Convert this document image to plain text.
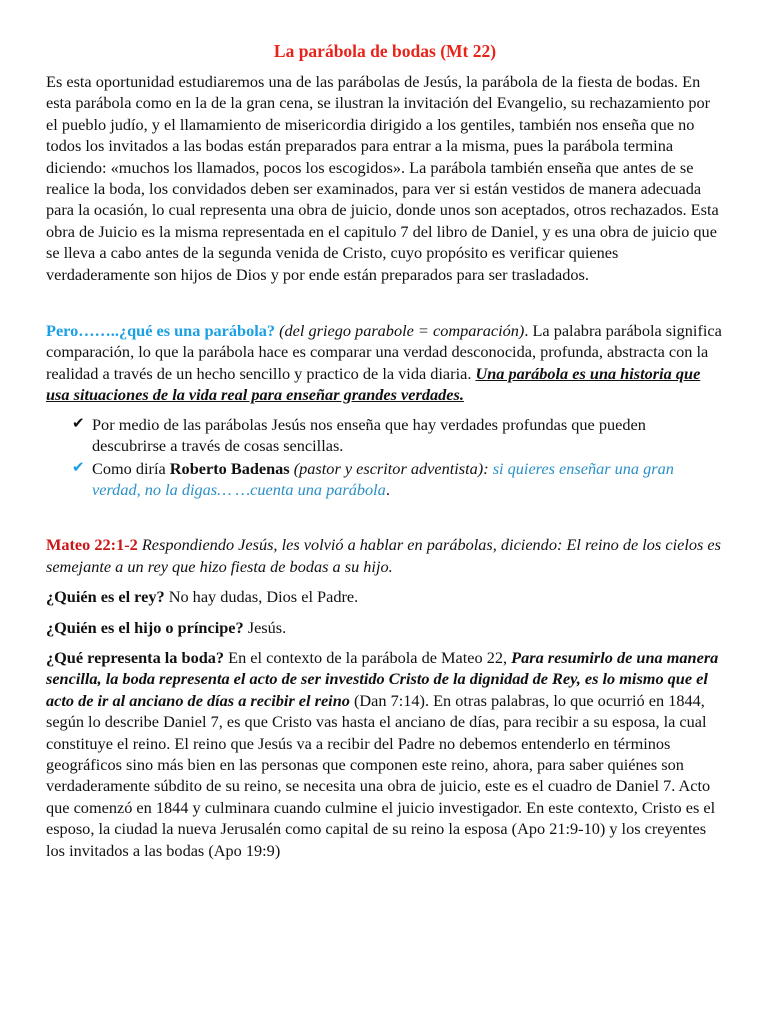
La parábola de bodas (Mt 22)

Es esta oportunidad estudiaremos una de las parábolas de Jesús, la parábola de la fiesta de bodas. En esta parábola como en la de la gran cena, se ilustran la invitación del Evangelio, su rechazamiento por el pueblo judío, y el llamamiento de misericordia dirigido a los gentiles, también nos enseña que no todos los invitados a las bodas están preparados para entrar a la misma, pues la parábola termina diciendo: «muchos los llamados, pocos los escogidos». La parábola también enseña que antes de se realice la boda, los convidados deben ser examinados, para ver si están vestidos de manera adecuada para la ocasión, lo cual representa una obra de juicio, donde unos son aceptados, otros rechazados. Esta obra de Juicio es la misma representada en el capitulo 7 del libro de Daniel, y es una obra de juicio que se lleva a cabo antes de la segunda venida de Cristo, cuyo propósito es verificar quienes verdaderamente son hijos de Dios y por ende están preparados para ser trasladados.

Pero……..¿qué es una parábola? (del griego parabole = comparación). La palabra parábola significa comparación, lo que la parábola hace es comparar una verdad desconocida, profunda, abstracta con la realidad a través de un hecho sencillo y practico de la vida diaria. Una parábola es una historia que usa situaciones de la vida real para enseñar grandes verdades.

✔ Por medio de las parábolas Jesús nos enseña que hay verdades profundas que pueden descubrirse a través de cosas sencillas.
✔ Como diría Roberto Badenas (pastor y escritor adventista): si quieres enseñar una gran verdad, no la digas… …cuenta una parábola.

Mateo 22:1-2 Respondiendo Jesús, les volvió a hablar en parábolas, diciendo: El reino de los cielos es semejante a un rey que hizo fiesta de bodas a su hijo.

¿Quién es el rey? No hay dudas, Dios el Padre.

¿Quién es el hijo o príncipe? Jesús.

¿Qué representa la boda? En el contexto de la parábola de Mateo 22, Para resumirlo de una manera sencilla, la boda representa el acto de ser investido Cristo de la dignidad de Rey, es lo mismo que el acto de ir al anciano de días a recibir el reino (Dan 7:14). En otras palabras, lo que ocurrió en 1844, según lo describe Daniel 7, es que Cristo vas hasta el anciano de días, para recibir a su esposa, la cual constituye el reino. El reino que Jesús va a recibir del Padre no debemos entenderlo en términos geográficos sino más bien en las personas que componen este reino, ahora, para saber quiénes son verdaderamente súbdito de su reino, se necesita una obra de juicio, este es el cuadro de Daniel 7. Acto que comenzó en 1844 y culminara cuando culmine el juicio investigador. En este contexto, Cristo es el esposo, la ciudad la nueva Jerusalén como capital de su reino la esposa (Apo 21:9-10) y los creyentes los invitados a las bodas (Apo 19:9)
